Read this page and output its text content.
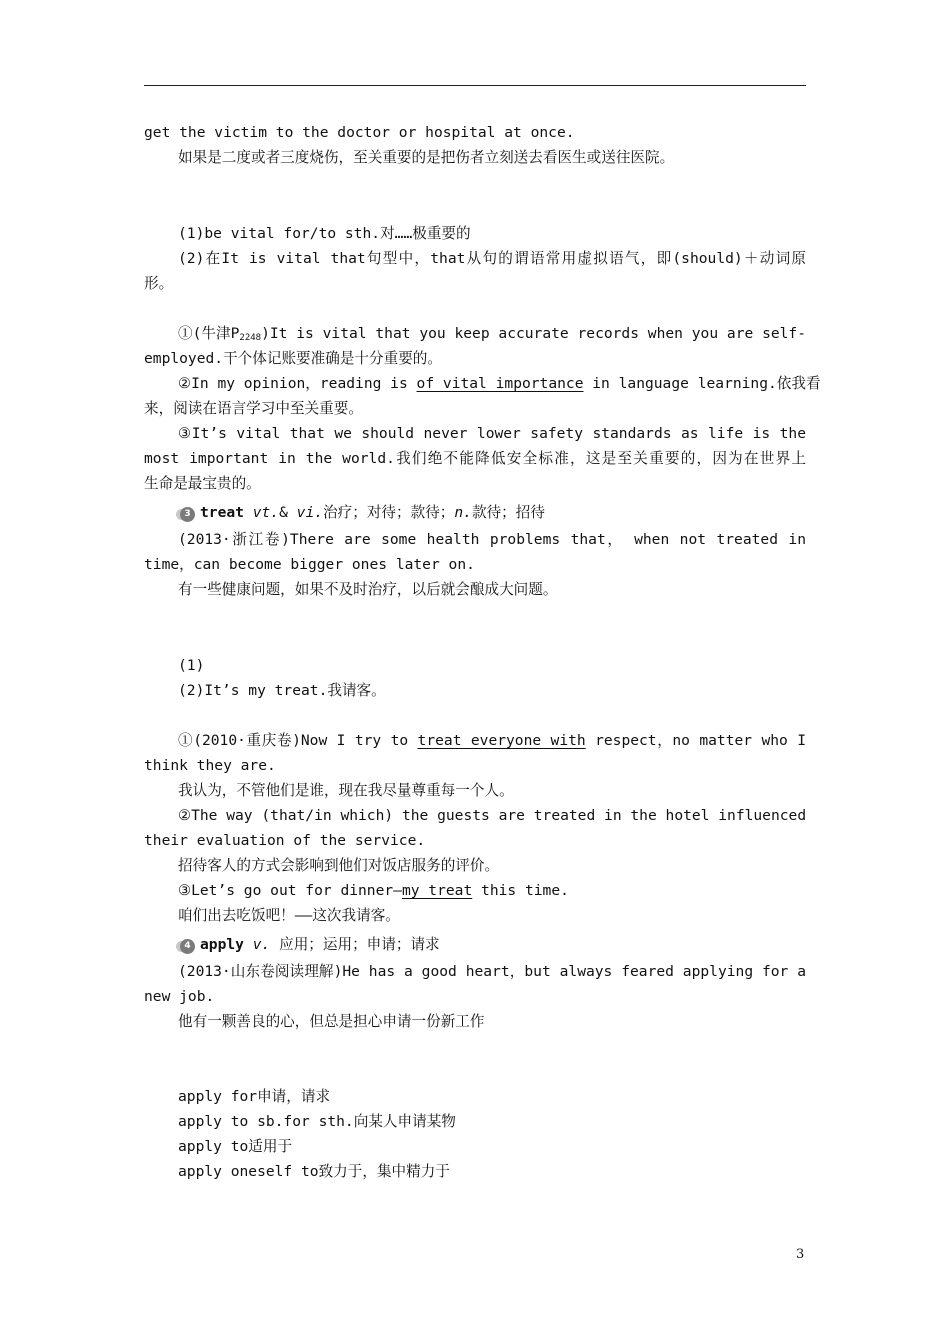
get the victim to the doctor or hospital at once.
如果是二度或者三度烧伤，至关重要的是把伤者立刻送去看医生或送往医院。
(1)be vital for/to sth.对……极重要的
(2)在It is vital that句型中，that从句的谓语常用虚拟语气，即(should)＋动词原
形。
①(牛津$P_{2248})It$ is vital that you keep accurate records when you are self-
employed.干个体记账要准确是十分重要的。
②In my opinion，reading is of vital importance in language learning.依我看
来，阅读在语言学习中至关重要。
③It’s vital that we should never lower safety standards as life is the
most important in the world.我们绝不能降低安全标准，这是至关重要的，因为在世界上
生命是最宝贵的。
3 treat vt.& vi.治疗；对待；款待；n.款待；招待
(2013·浙江卷)There are some health problems that， when not treated in
time，can become bigger ones later on.
有一些健康问题，如果不及时治疗，以后就会酿成大问题。
(1)
(2)It’s my treat.我请客。
①(2010·重庆卷)Now I try to treat everyone with respect，no matter who I
think they are.
我认为，不管他们是谁，现在我尽量尊重每一个人。
②The way (that/in which) the guests are treated in the hotel influenced
their evaluation of the service.
招待客人的方式会影响到他们对饭店服务的评价。
③Let’s go out for dinner—my treat this time.
咱们出去吃饭吧！——这次我请客。
4 apply v. 应用；运用；申请；请求
(2013·山东卷阅读理解)He has a good heart，but always feared applying for a
new job.
他有一颗善良的心，但总是担心申请一份新工作
apply for申请，请求
apply to sb.for sth.向某人申请某物
apply to适用于
apply oneself to致力于，集中精力于
3
